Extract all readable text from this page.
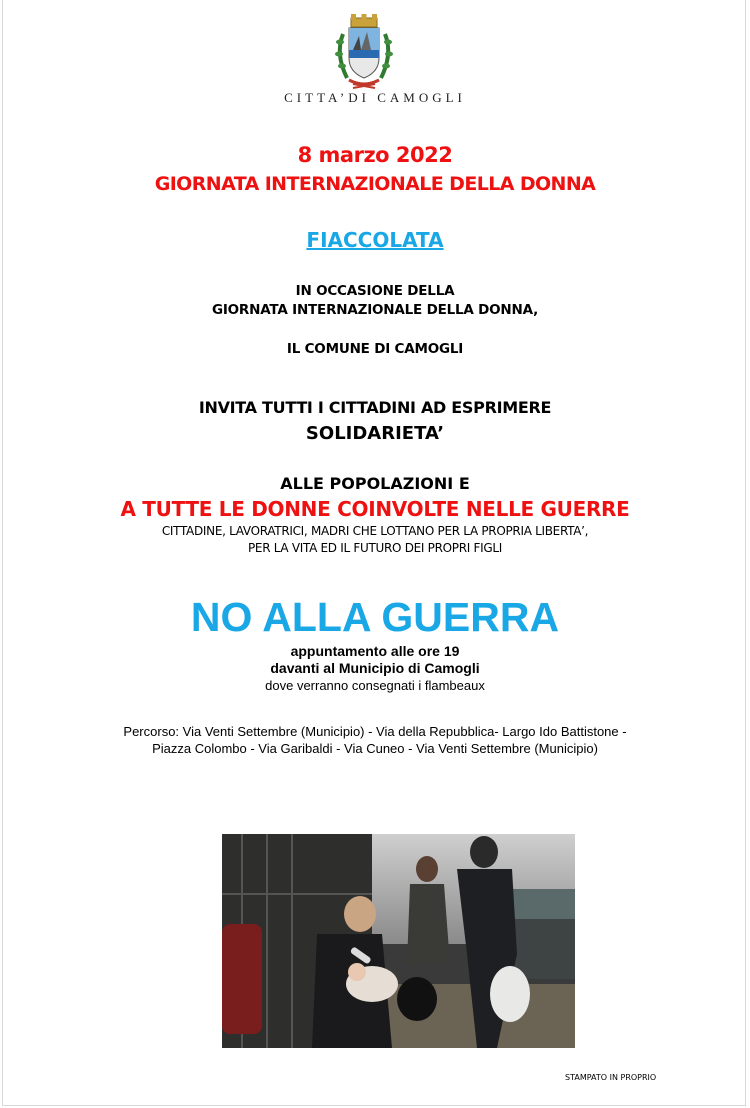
CITTA’DI CAMOGLI
8 marzo 2022
GIORNATA INTERNAZIONALE DELLA DONNA
FIACCOLATA
IN OCCASIONE DELLA
GIORNATA INTERNAZIONALE DELLA DONNA,
IL COMUNE DI CAMOGLI
INVITA TUTTI I CITTADINI AD ESPRIMERE
SOLIDARIETA’
ALLE POPOLAZIONI E
A TUTTE LE DONNE COINVOLTE NELLE GUERRE
CITTADINE, LAVORATRICI, MADRI CHE LOTTANO PER LA PROPRIA LIBERTA’,
PER LA VITA ED IL FUTURO DEI PROPRI FIGLI
NO ALLA GUERRA
appuntamento alle ore 19
davanti al Municipio di Camogli
dove verranno consegnati i flambeaux
Percorso: Via Venti Settembre (Municipio) - Via della Repubblica- Largo Ido Battistone -
Piazza Colombo - Via Garibaldi - Via Cuneo - Via Venti Settembre (Municipio)
STAMPATO IN PROPRIO
